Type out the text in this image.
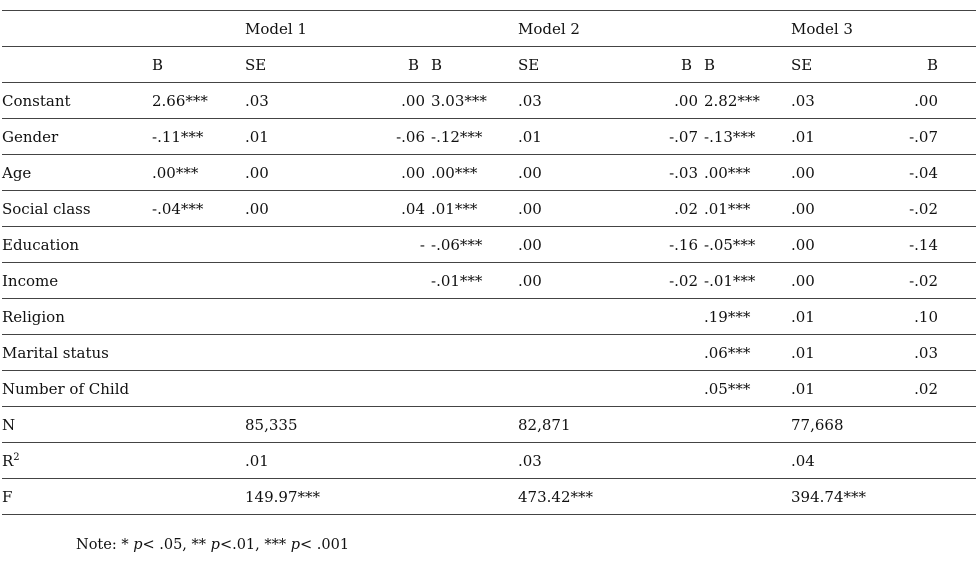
		Model 1			Model 2			Model 3	
	B	SE	B	B	SE	B	B	SE	B
Constant	2.66***	.03	.00	3.03***	.03	.00	2.82***	.03	.00
Gender	-.11***	.01	-.06	-.12***	.01	-.07	-.13***	.01	-.07
Age	.00***	.00	.00	.00***	.00	-.03	.00***	.00	-.04
Social class	-.04***	.00	.04	.01***	.00	.02	.01***	.00	-.02
Education			-	-.06***	.00	-.16	-.05***	.00	-.14
Income				-.01***	.00	-.02	-.01***	.00	-.02
Religion							.19***	.01	.10
Marital status							.06***	.01	.03
Number of Child							.05***	.01	.02
N		85,335			82,871			77,668	
$R^2$		.01			.03			.04	
F		149.97***			473.42***			394.74***	
Note: * p< .05, ** p<.01, *** p< .001
